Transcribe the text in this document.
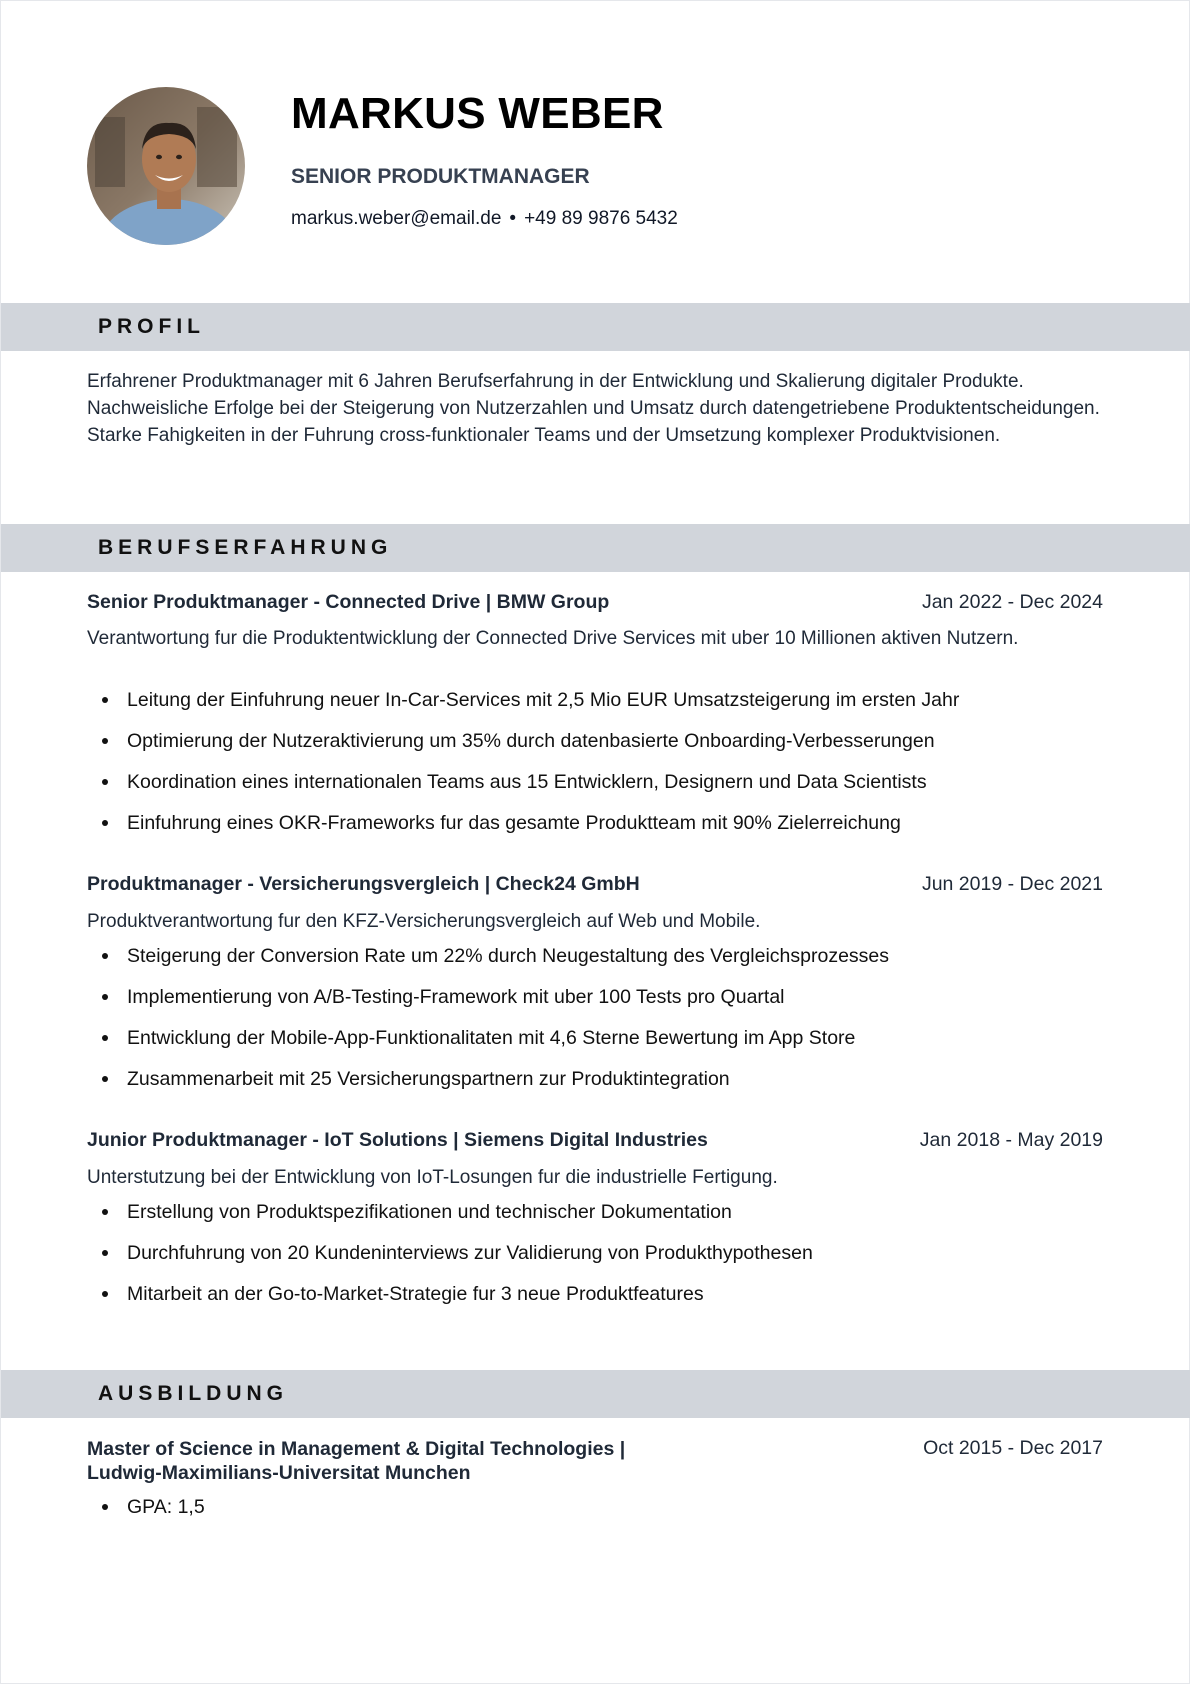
MARKUS WEBER
SENIOR PRODUKTMANAGER
markus.weber@email.de • +49 89 9876 5432
PROFIL
Erfahrener Produktmanager mit 6 Jahren Berufserfahrung in der Entwicklung und Skalierung digitaler Produkte. Nachweisliche Erfolge bei der Steigerung von Nutzerzahlen und Umsatz durch datengetriebene Produktentscheidungen. Starke Fahigkeiten in der Fuhrung cross-funktionaler Teams und der Umsetzung komplexer Produktvisionen.
BERUFSERFAHRUNG
Senior Produktmanager - Connected Drive | BMW Group	Jan 2022 - Dec 2024
Verantwortung fur die Produktentwicklung der Connected Drive Services mit uber 10 Millionen aktiven Nutzern.
Leitung der Einfuhrung neuer In-Car-Services mit 2,5 Mio EUR Umsatzsteigerung im ersten Jahr
Optimierung der Nutzeraktivierung um 35% durch datenbasierte Onboarding-Verbesserungen
Koordination eines internationalen Teams aus 15 Entwicklern, Designern und Data Scientists
Einfuhrung eines OKR-Frameworks fur das gesamte Produktteam mit 90% Zielerreichung
Produktmanager - Versicherungsvergleich | Check24 GmbH	Jun 2019 - Dec 2021
Produktverantwortung fur den KFZ-Versicherungsvergleich auf Web und Mobile.
Steigerung der Conversion Rate um 22% durch Neugestaltung des Vergleichsprozesses
Implementierung von A/B-Testing-Framework mit uber 100 Tests pro Quartal
Entwicklung der Mobile-App-Funktionalitaten mit 4,6 Sterne Bewertung im App Store
Zusammenarbeit mit 25 Versicherungspartnern zur Produktintegration
Junior Produktmanager - IoT Solutions | Siemens Digital Industries	Jan 2018 - May 2019
Unterstutzung bei der Entwicklung von IoT-Losungen fur die industrielle Fertigung.
Erstellung von Produktspezifikationen und technischer Dokumentation
Durchfuhrung von 20 Kundeninterviews zur Validierung von Produkthypothesen
Mitarbeit an der Go-to-Market-Strategie fur 3 neue Produktfeatures
AUSBILDUNG
Master of Science in Management & Digital Technologies |
Ludwig-Maximilians-Universitat Munchen
Oct 2015 - Dec 2017
GPA: 1,5
